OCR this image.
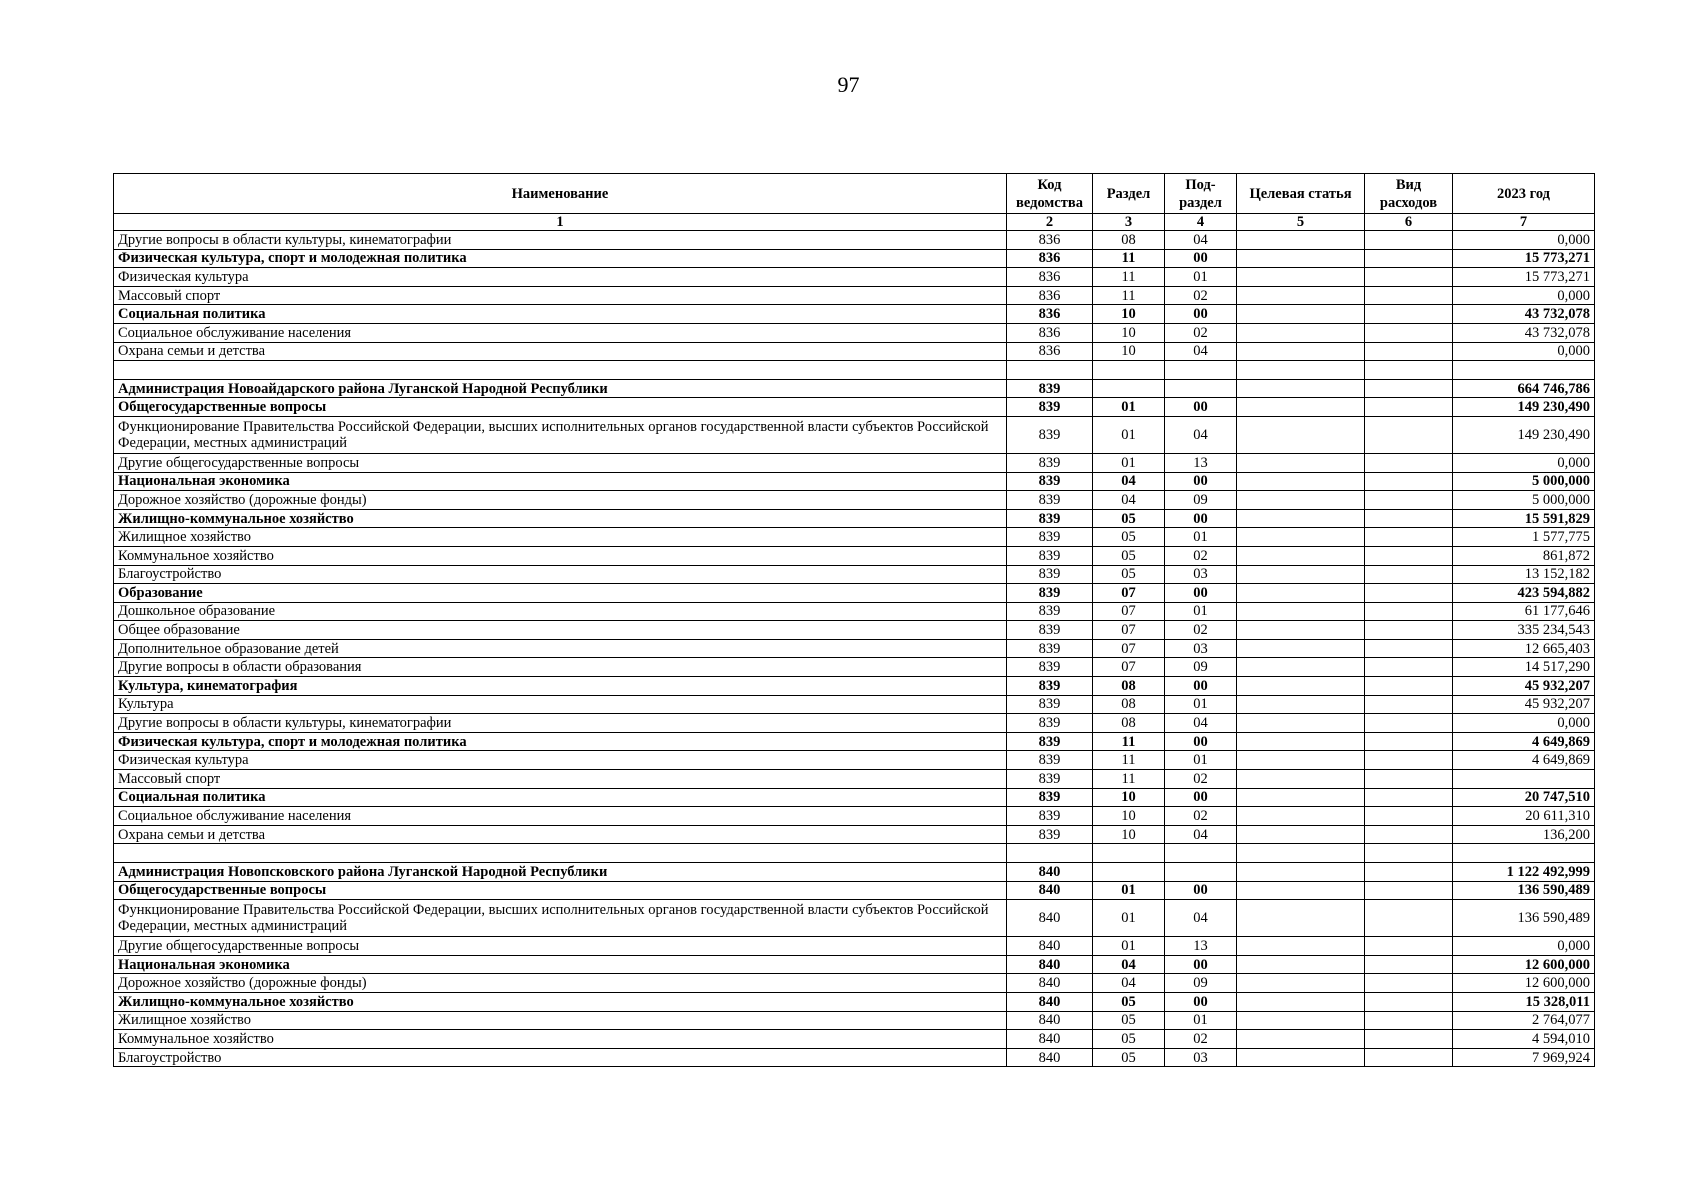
97
Наименование	Код ведомства	Раздел	Под-раздел	Целевая статья	Вид расходов	2023 год
1	2	3	4	5	6	7
Другие вопросы в области культуры, кинематографии	836	08	04			0,000
Физическая культура, спорт и молодежная политика	836	11	00			15 773,271
Физическая культура	836	11	01			15 773,271
Массовый спорт	836	11	02			0,000
Социальная политика	836	10	00			43 732,078
Социальное обслуживание населения	836	10	02			43 732,078
Охрана семьи и детства	836	10	04			0,000

Администрация Новоайдарского района Луганской Народной Республики	839					664 746,786
Общегосударственные вопросы	839	01	00			149 230,490
Функционирование Правительства Российской Федерации, высших исполнительных органов государственной власти субъектов Российской Федерации, местных администраций	839	01	04			149 230,490
Другие общегосударственные вопросы	839	01	13			0,000
Национальная экономика	839	04	00			5 000,000
Дорожное хозяйство (дорожные фонды)	839	04	09			5 000,000
Жилищно-коммунальное хозяйство	839	05	00			15 591,829
Жилищное хозяйство	839	05	01			1 577,775
Коммунальное хозяйство	839	05	02			861,872
Благоустройство	839	05	03			13 152,182
Образование	839	07	00			423 594,882
Дошкольное образование	839	07	01			61 177,646
Общее образование	839	07	02			335 234,543
Дополнительное образование детей	839	07	03			12 665,403
Другие вопросы в области образования	839	07	09			14 517,290
Культура, кинематография	839	08	00			45 932,207
Культура	839	08	01			45 932,207
Другие вопросы в области культуры, кинематографии	839	08	04			0,000
Физическая культура, спорт и молодежная политика	839	11	00			4 649,869
Физическая культура	839	11	01			4 649,869
Массовый спорт	839	11	02			
Социальная политика	839	10	00			20 747,510
Социальное обслуживание населения	839	10	02			20 611,310
Охрана семьи и детства	839	10	04			136,200

Администрация Новопсковского района Луганской Народной Республики	840					1 122 492,999
Общегосударственные вопросы	840	01	00			136 590,489
Функционирование Правительства Российской Федерации, высших исполнительных органов государственной власти субъектов Российской Федерации, местных администраций	840	01	04			136 590,489
Другие общегосударственные вопросы	840	01	13			0,000
Национальная экономика	840	04	00			12 600,000
Дорожное хозяйство (дорожные фонды)	840	04	09			12 600,000
Жилищно-коммунальное хозяйство	840	05	00			15 328,011
Жилищное хозяйство	840	05	01			2 764,077
Коммунальное хозяйство	840	05	02			4 594,010
Благоустройство	840	05	03			7 969,924
